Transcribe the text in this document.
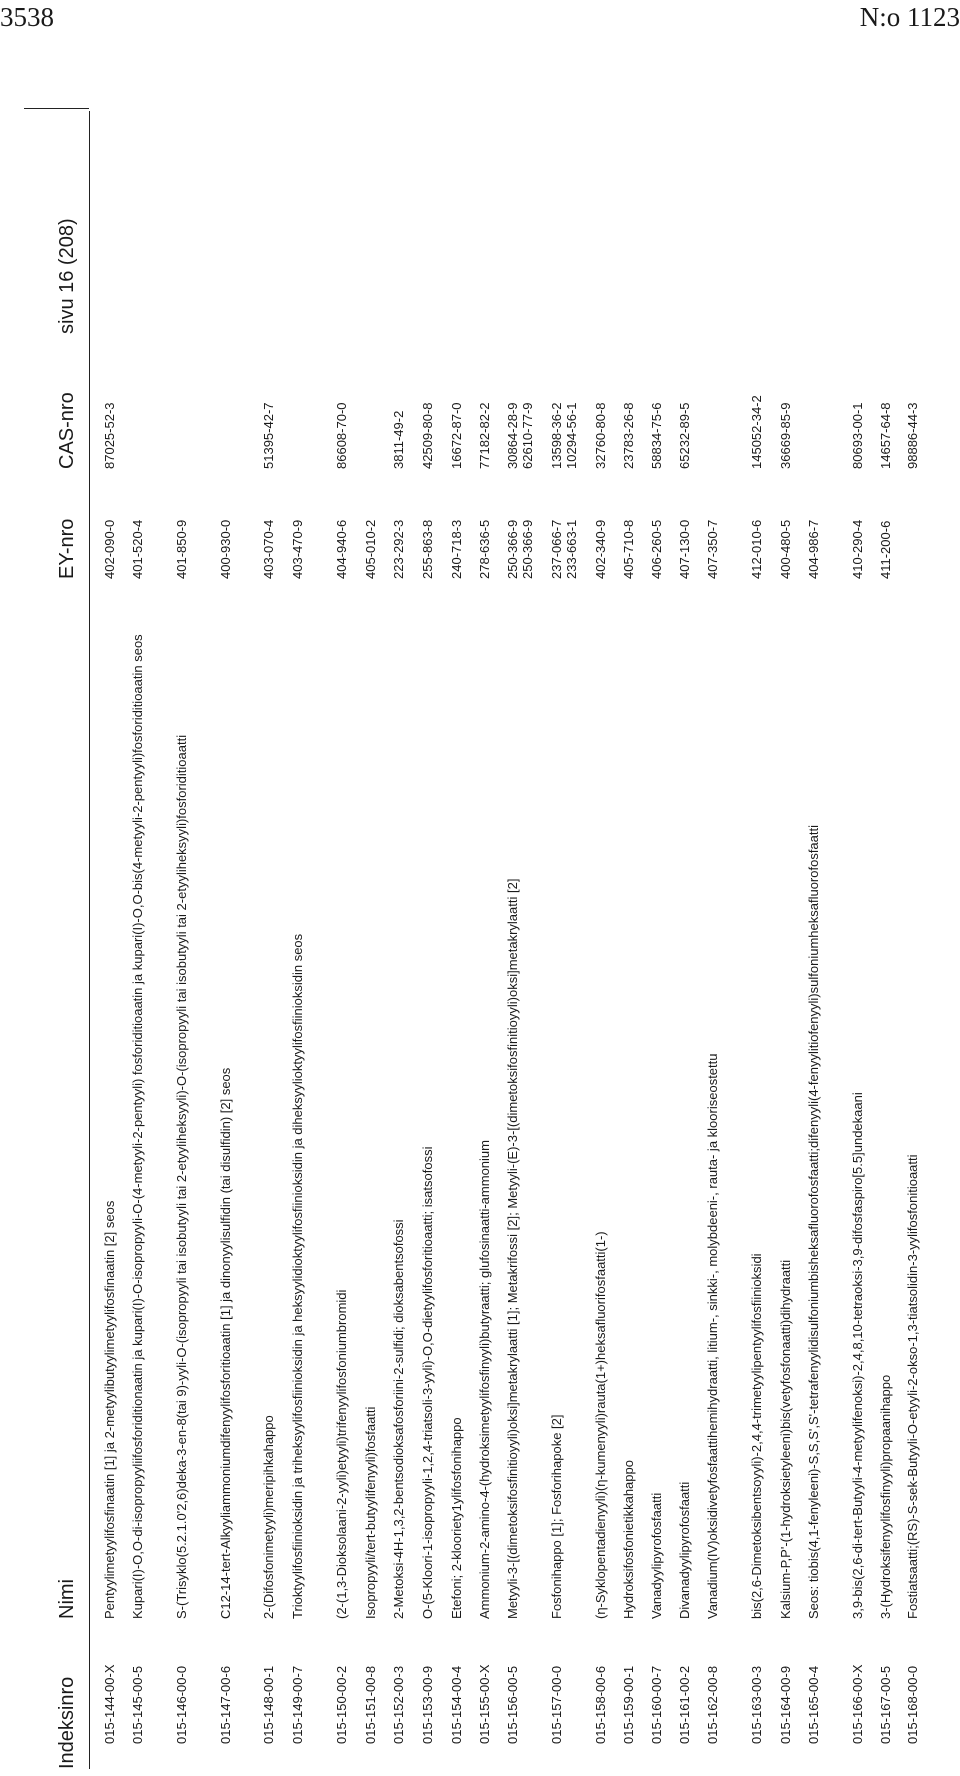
3538	N:o 1123
Indeksinro
Nimi
EY-nro
CAS-nro
sivu 16 (208)
015-144-00-X
Pentyylimetyylifosfinaatin [1] ja 2-metyylibutyylimetyylifosfinaatin [2] seos
402-090-0
87025-52-3
015-145-00-5
Kupari(I)-O,O-di-isopropyyliifosforiditionaatin ja kupari(I)-O-isopropyyli-O-(4-metyyli-2-pentyyli) fosforiditioaatin ja kupari(I)-O,O-bis(4-metyyli-2-pentyyli)fosforiditioaatin seos
401-520-4
015-146-00-0
S-(Trisyklo(5.2.1.0'2,6)deka-3-en-8(tai 9)-yyli-O-(isopropyyli tai isobutyyli tai 2-etyyliheksyyli)-O-(isopropyyli tai isobutyyli tai 2-etyyliheksyyli)fosforiditioaatti
401-850-9
015-147-00-6
C12-14-tert-Alkyyliammoniumdifenyylifosforitioaatin [1] ja dinonyylisulfidin (tai disulfidin) [2] seos
400-930-0
015-148-00-1
2-(Difosfonimetyyli)meripihkahappo
403-070-4
51395-42-7
015-149-00-7
Trioktyylifosfiinioksidin ja triheksyylifosfiinioksidin ja heksyylidioktyylifosfiinioksidin ja diheksyylioktyylifosfiinioksidin seos
403-470-9
015-150-00-2
(2-(1,3-Dioksolaani-2-yyli)etyyli)trifenyylifosfoniumbromidi
404-940-6
86608-70-0
015-151-00-8
Isopropyyli/tert-butyylifenyyli)fosfaatti
405-010-2
015-152-00-3
2-Metoksi-4H-1,3,2-bentsodioksafosforiini-2-sulfidi; dioksabentsofossi
223-292-3
3811-49-2
015-153-00-9
O-(5-Kloori-1-isopropyyli-1,2,4-triatsoli-3-yyli)-O,O-dietyylifosforitioaatti; isatsofossi
255-863-8
42509-80-8
015-154-00-4
Etefoni; 2-klooriety1ylifosfonihappo
240-718-3
16672-87-0
015-155-00-X
Ammonium-2-amino-4-(hydroksimetyylifosfinyyli)butyraatti; glufosinaatti-ammonium
278-636-5
77182-82-2
015-156-00-5
Metyyli-3-[(dimetoksifosfinitioyyli)oksi]metakrylaatti [1]; Metakrifossi [2]; Metyyli-(E)-3-[(dimetoksifosfinitioyyli)oksi]metakrylaatti [2]
250-366-9 250-366-9
30864-28-9 62610-77-9
015-157-00-0
Fosfonihappo [1]; Fosforihapoke [2]
237-066-7 233-663-1
13598-36-2 10294-56-1
015-158-00-6
(η-Syklopentadienyyli)(η-kumenyyli)rauta(1+)heksafluorifosfaatti(1-)
402-340-9
32760-80-8
015-159-00-1
Hydroksifosfonietikkahappo
405-710-8
23783-26-8
015-160-00-7
Vanadyylipyrofosfaatti
406-260-5
58834-75-6
015-161-00-2
Divanadyylipyrofosfaatti
407-130-0
65232-89-5
015-162-00-8
Vanadium(IV)oksidivetyfosfaattihemihydraatti, litium-, sinkki-, molybdeeni-, rauta- ja klooriseostettu
407-350-7
015-163-00-3
bis(2,6-Dimetoksibentsoyyli)-2,4,4-trimetyylipentyylifosfiinioksidi
412-010-6
145052-34-2
015-164-00-9
Kalsium-P,P'-(1-hydroksietyleeni)bis(vetyfosfonaatti)dihydraatti
400-480-5
36669-85-9
015-165-00-4
Seos: tiobis(4,1-fenyleeni)-S,S,S',S'-tetrafenyylidisulfoniumbisheksafluorofosfaatti;difenyyli(4-fenyylitiofenyyli)sulfoniumheksafluorofosfaatti
404-986-7
015-166-00-X
3,9-bis(2,6-di-tert-Butyyli-4-metyylifenoksi)-2,4,8,10-tetraoksi-3,9-difosfaspiro[5.5]undekaani
410-290-4
80693-00-1
015-167-00-5
3-(Hydroksifenyylifosfinyyli)propaanihappo
411-200-6
14657-64-8
015-168-00-0
Fostiatsaatti;(RS)-S-sek-Butyyli-O-etyyli-2-okso-1,3-tiatsolidin-3-yylifosfonitioaatti
98886-44-3
